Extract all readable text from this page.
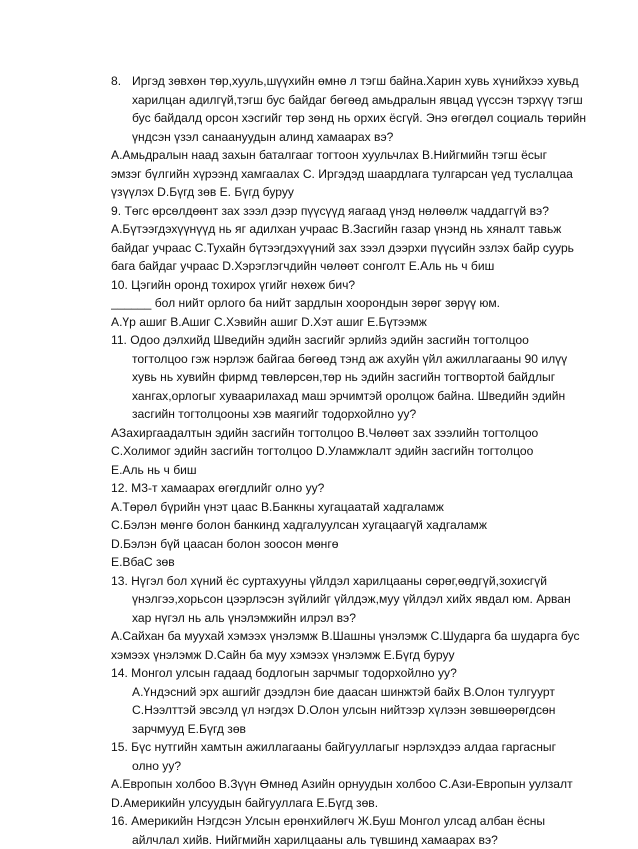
8. Иргэд зөвхөн төр,хууль,шүүхийн өмнө л тэгш байна.Харин хувь хүнийхээ хувьд
харилцан адилгүй,тэгш бус байдаг бөгөөд амьдралын явцад үүссэн тэрхүү тэгш
бус байдалд орсон хэсгийг төр зөнд нь орхих ёсгүй. Энэ өгөгдөл социаль төрийн
үндсэн үзэл санаануудын алинд хамаарах вэ?
А.Амьдралын наад захын баталгааг тогтоон хуульчлах В.Нийгмийн тэгш ёсыг
эмзэг бүлгийн хүрээнд хамгаалах С. Иргэдэд шаардлага тулгарсан үед туслалцаа
үзүүлэх D.Бүгд зөв Е. Бүгд буруу
9. Төгс өрсөлдөөнт зах зээл дээр пүүсүүд яагаад үнэд нөлөөлж чаддаггүй вэ?
А.Бүтээгдэхүүнүүд нь яг адилхан учраас В.Засгийн газар үнэнд нь хяналт тавьж
байдаг учраас С.Тухайн бүтээгдэхүүний зах зээл дээрхи пүүсийн эзлэх байр суурь
бага байдаг учраас D.Хэрэглэгчдийн чөлөөт сонголт Е.Аль нь ч биш
10. Цэгийн оронд тохирох үгийг нөхөж бич?
______ бол нийт орлого ба нийт зардлын хоорондын зөрөг зөрүү юм.
А.Үр ашиг В.Ашиг С.Хэвийн ашиг D.Хэт ашиг Е.Бүтээмж
11. Одоо дэлхийд Шведийн эдийн засгийг эрлийз эдийн засгийн тогтолцоо
тогтолцоо гэж нэрлэж байгаа бөгөөд тэнд аж ахуйн үйл ажиллагааны 90 илүү
хувь нь хувийн фирмд төвлөрсөн,төр нь эдийн засгийн тогтвортой байдлыг
хангах,орлогыг хуваарилахад маш эрчимтэй оролцож байна. Шведийн эдийн
засгийн тогтолцооны хэв маягийг тодорхойлно уу?
АЗахиргаадалтын эдийн засгийн тогтолцоо В.Чөлөөт зах зээлийн тогтолцоо
С.Холимог эдийн засгийн тогтолцоо D.Уламжлалт эдийн засгийн тогтолцоо
Е.Аль нь ч биш
12. М3-т хамаарах өгөгдлийг олно уу?
А.Төрөл бүрийн үнэт цаас В.Банкны хугацаатай хадгаламж
С.Бэлэн мөнгө болон банкинд хадгалуулсан хугацаагүй хадгаламж
D.Бэлэн бүй цаасан болон зоосон мөнгө
Е.ВбаС зөв
13. Нүгэл бол хүний ёс суртахууны үйлдэл харилцааны сөрөг,өөдгүй,зохисгүй
үнэлгээ,хорьсон цээрлэсэн зүйлийг үйлдэж,муу үйлдэл хийх явдал юм. Арван
хар нүгэл нь аль үнэлэмжийн илрэл вэ?
А.Сайхан ба муухай хэмээх үнэлэмж В.Шашны үнэлэмж С.Шударга ба шударга бус
хэмээх үнэлэмж D.Сайн ба муу хэмээх үнэлэмж Е.Бүгд буруу
14. Монгол улсын гадаад бодлогын зарчмыг тодорхойлно уу?
А.Үндэсний эрх ашгийг дээдлэн бие даасан шинжтэй байх В.Олон тулгуурт
С.Нээлттэй эвсэлд үл нэгдэх D.Олон улсын нийтээр хүлээн зөвшөөрөгдсөн
зарчмууд Е.Бүгд зөв
15. Бүс нутгийн хамтын ажиллагааны байгууллагыг нэрлэхдээ алдаа гаргасныг
олно уу?
А.Европын холбоо В.Зүүн Өмнөд Азийн орнуудын холбоо С.Ази-Европын уулзалт
D.Америкийн улсуудын байгууллага Е.Бүгд зөв.
16. Америкийн Нэгдсэн Улсын ерөнхийлөгч Ж.Буш Монгол улсад албан ёсны
айлчлал хийв. Нийгмийн харилцааны аль түвшинд хамаарах вэ?
